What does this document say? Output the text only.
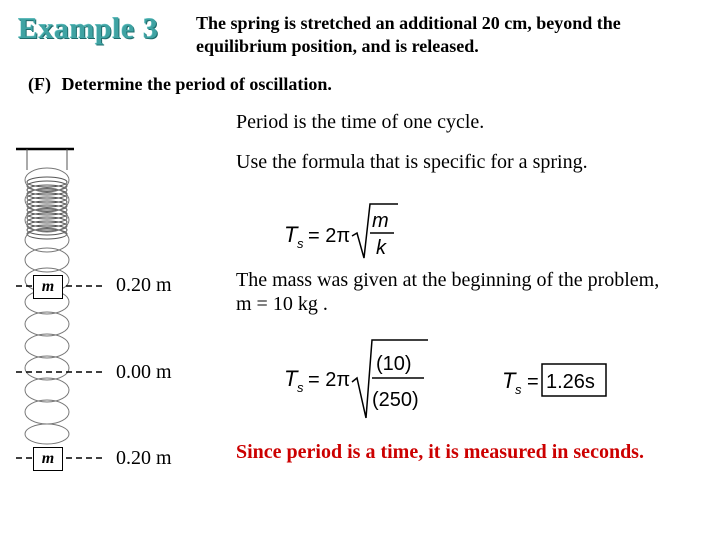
Example 3 The spring is stretched an additional 20 cm, beyond the equilibrium position, and is released.
(F) Determine the period of oscillation.
Period is the time of one cycle.
Use the formula that is specific for a spring.
T s = 2π
m
k
The mass was given at the beginning of the problem, m = 10 kg .
T s = 2π
(10)
(250)
T s = 1.26s
Since period is a time, it is measured in seconds.
m
m
0.20 m
0.00 m
0.20 m
